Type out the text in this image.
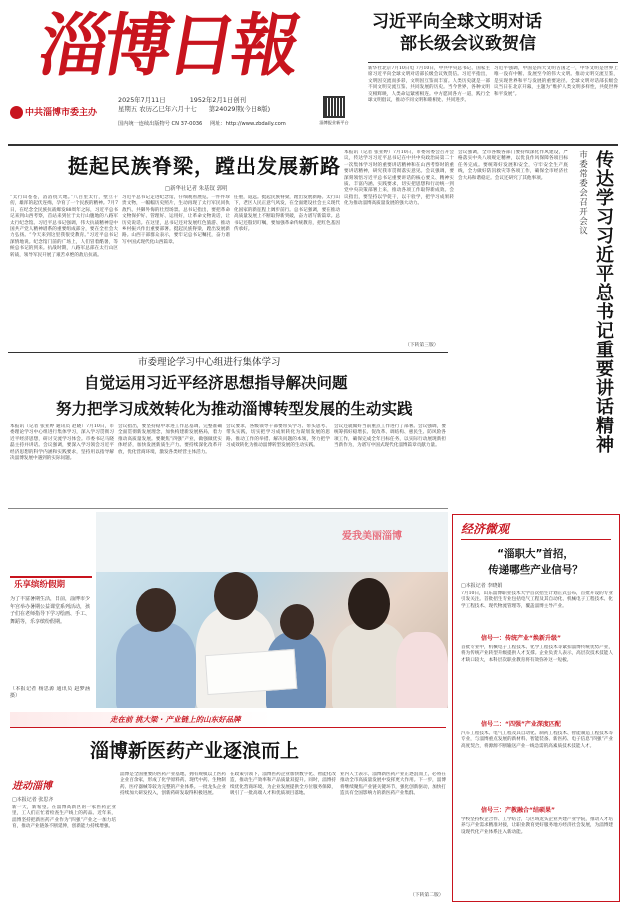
淄博日報
中共淄博市委主办
2025年7月11日	1952年2月1日创刊
星期五 农历乙巳年六月十七 第24029期(今日8版)
国内统一连续出版物号 CN 37-0036 网址：http://www.zbdaily.com	淄博报业新平台
习近平向全球文明对话
部长级会议致贺信
新华社北京7月10日电 7月10日，中共中央总书记、国家主席习近平向全球文明对话部长级会议致贺信。习近平指出，文明因交流而多彩，文明因互鉴而丰富。人类历史就是一部不同文明交流互鉴、共同发展的历史。当今世界，各种文明交相辉映，人类命运紧密相连。中方愿同各方一道，践行全球文明倡议，推动不同文明和睦相处、共同进步。
习近平强调，中国是四大文明古国之一，中华文明是世界上唯一没有中断、发展至今的伟大文明。推动文明交流互鉴，是实现世界和平与发展的重要途径。全球文明对话部长级会议当日在北京开幕，主题为“维护人类文明多样性，共促世界和平发展”。
挺起民族脊梁，蹚出发展新路
□新华社记者 朱基钗 郭明
“太行山苍苍，滔滔绕天地。”八百里太行，壁立千仞，雄浑的起伏连绵，孕育了一个民族的精神。7月7日，在纪念全民族抗战爆发88周年之际，习近平总书记来到山西考察，首站来到位于太行山腹地的八路军太行纪念馆。习近平总书记强调，伟大抗战精神是中国共产党人精神谱系的重要组成部分，要在全社会大力弘扬。“今天来到这里我很受教育。”习近平总书记深情地说。纪念馆门前的广场上，人们冒着酷暑，等候总书记的到来。抗战时期，八路军总部在太行山区转战，领导军民开展了艰苦卓绝的敌后抗战。
习近平总书记走进纪念馆，仔细观看展览。一件件珍贵文物，一幅幅历史照片，生动再现了太行军民同仇敌忾、共御外侮的壮烈场景。总书记指出，要把革命文物保护好、管理好、运用好，让革命文物说话，让历史说话。在这里，总书记还对发展红色旅游、推动乡村振兴作出重要部署。挺起民族脊梁，蹚出发展新路。山西干部群众表示，要牢记总书记嘱托，奋力谱写中国式现代化山西篇章。
任重，道远。挺起民族脊梁，蹚出发展新路。太行山下，老区人民正意气风发，在全面建设社会主义现代化国家的新征程上阔步前行。总书记强调，要在推动高质量发展上不断取得新突破，奋力谱写新篇章。总书记还殷切叮嘱，要加强革命传统教育，把红色基因传承好。
本报讯（记者 张亚婷）7月10日，市委常委会召开会议，传达学习习近平总书记在中共中央政治局第二十一次集体学习时的重要讲话精神和在山西考察时的重要讲话精神，研究我市贯彻落实意见。会议强调，要深刻领悟习近平总书记重要讲话的核心要义、精神实质、丰富内涵、实践要求，切实把思想和行动统一到党中央决策部署上来，推动各项工作取得新成效。会议指出，要坚持以学促干，以干验学，把学习成果转化为推动淄博高质量发展的强大动力。
会议强调，全市各级各部门要持续深化作风建设，严格落实中央八项规定精神，以优良作风保障各项目标任务完成。要统筹好发展和安全，守牢安全生产底线，全力做好防汛救灾等各项工作，确保全市经济社会大局和谐稳定。会议还研究了其他事项。
（下转第三版）
市委常委会召开会议 传达学习习近平总书记重要讲话精神
市委理论学习中心组进行集体学习
自觉运用习近平经济思想指导解决问题
努力把学习成效转化为推动淄博转型发展的生动实践
本报讯（记者 张亚婷 通讯员 赵晓）7月10日，市委理论学习中心组进行集体学习，深入学习贯彻习近平经济思想，研讨交流学习体会。市委书记马晓磊主持并讲话。会议强调，要深入学习领会习近平经济思想的科学内涵和实践要求，坚持用以指导解决淄博发展中遇到的实际问题。
会议指出，要坚持稳中求进工作总基调，完整准确全面贯彻新发展理念，加快构建新发展格局，着力推动高质量发展。要聚焦“四强”产业，做强做优实体经济，加快发展新质生产力。要持续深化改革开放，优化营商环境，激发各类经营主体活力。
会议要求，各级领导干部要带头学习、带头思考、带头实践，切实把学习成果转化为谋划发展的思路、推动工作的举措、解决问题的本领，努力把学习成效转化为推动淄博转型发展的生动实践。
会议还就做好当前重点工作进行了部署。会议强调，要统筹抓好稳增长、促改革、调结构、惠民生、防风险各项工作，确保完成全年目标任务，以实际行动展现新担当新作为，为谱写中国式现代化淄博篇章贡献力量。
乐享缤纷假期
为了丰富暑期生活，日前，淄博市少年宫举办暑期公益课堂系列活动，孩子们在老师指导下学习绘画、手工、舞蹈等，乐享缤纷假期。
（本报记者 杨思源 通讯员 赵梦涵 摄）
爱我美丽淄博
走在前 挑大梁 · 产业链上的山东好品牌
淄博新医药产业逐浪而上
进动淄博
□本报记者 张思齐
新一天，新希望。在淄博高新区的一家医药企业里，工人们正忙着检查生产线上的药品。近年来，淄博坚持把新医药产业作为“四强”产业之一加力培育，推动产业链条不断延伸，创新能力持续增强。
淄博是全国重要的医药产业基地，拥有规模以上医药企业百余家，形成了化学原料药、现代中药、生物制药、医疗器械等较为完整的产业体系。一批龙头企业持续加大研发投入，创新药研发取得积极进展。
在政策引领下，淄博医药企业加快数字化、智能化改造，推动生产效率和产品质量双提升。同时，淄博持续优化营商环境，为企业发展提供全方位服务保障，吸引了一批高端人才和优质项目落地。
业内人士表示，淄博新医药产业正逐浪而上，必将在推动全市高质量发展中发挥更大作用。下一步，淄博将继续聚焦产业链关键环节，强化创新驱动，加快打造具有全国影响力的新医药产业集群。
（下转第二版）
经济微观
“淄职大”首招，
传递哪些产业信号？
□本报记者 李晓娟
7月10日，山东淄博职业技术大学首次招生计划正式公布，首批开设的专业引发关注。首批招生专业包括电气工程及其自动化、机械电子工程技术、化学工程技术、现代物流管理等，覆盖淄博主导产业。
信号一：传统产业“焕新升级”
首批专业中，机械电子工程技术、化学工程技术等紧扣淄博传统优势产业，将为传统产业转型升级提供人才支撑。企业负责人表示，高层次技术技能人才缺口较大，本科层次职业教育将有效弥补这一短板。
信号二：“四强”产业深度匹配
汽车工程技术、电气工程及其自动化、制药工程技术、智能制造工程技术等专业，与淄博重点发展的新材料、智能装备、新医药、电子信息“四强”产业高度契合，将源源不断输送产业一线急需的高素质技术技能人才。
信号三：产教融合“结硕果”
学校坚持校企合作、工学结合，与区域龙头企业共建产业学院，推动人才培养与产业需求精准对接，让职业教育更好服务地方经济社会发展，为淄博建设现代化产业体系注入新动能。
